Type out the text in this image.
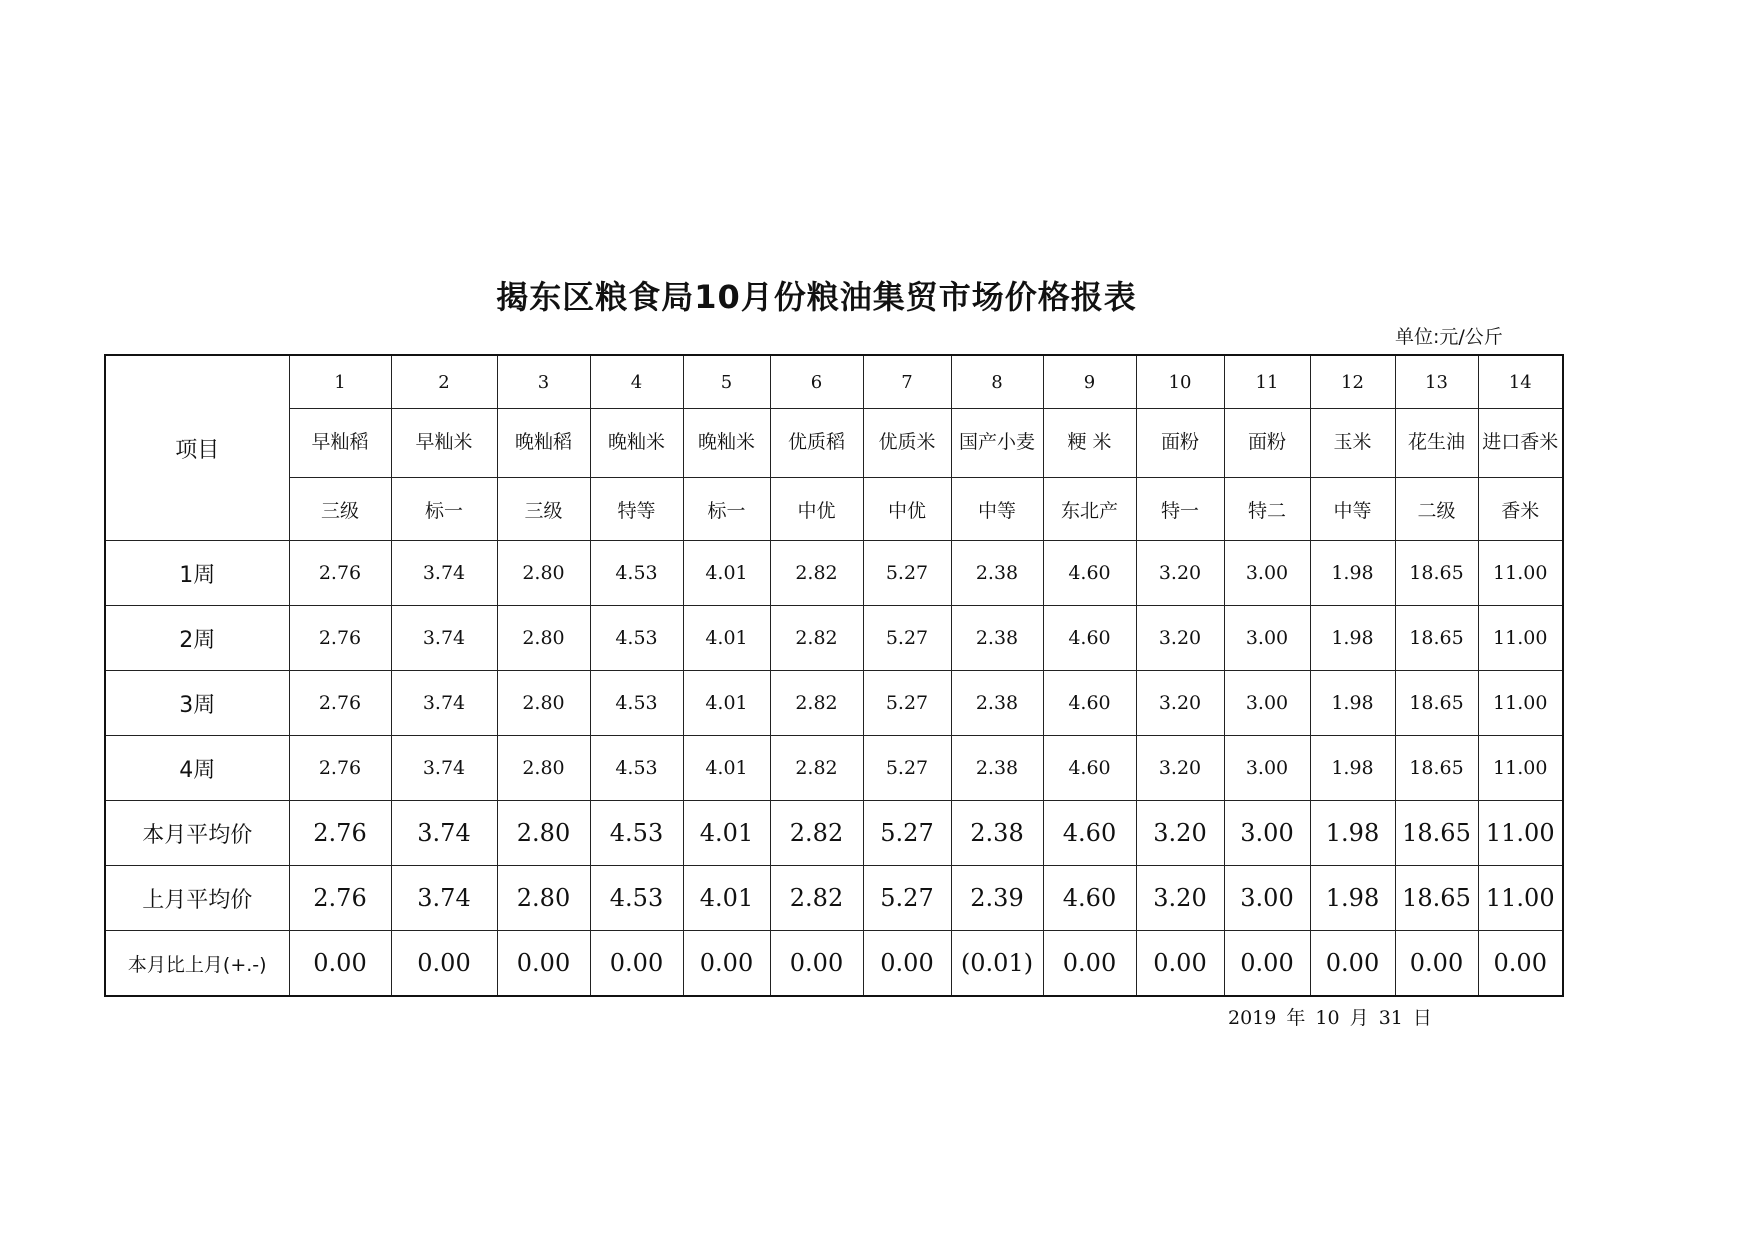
揭东区粮食局10月份粮油集贸市场价格报表
单位:元/公斤
项目	1	2	3	4	5	6	7	8	9	10	11	12	13	14
	早籼稻	早籼米	晚籼稻	晚籼米	晚籼米	优质稻	优质米	国产小麦	粳 米	面粉	面粉	玉米	花生油	进口香米
	三级	标一	三级	特等	标一	中优	中优	中等	东北产	特一	特二	中等	二级	香米
1周	2.76	3.74	2.80	4.53	4.01	2.82	5.27	2.38	4.60	3.20	3.00	1.98	18.65	11.00
2周	2.76	3.74	2.80	4.53	4.01	2.82	5.27	2.38	4.60	3.20	3.00	1.98	18.65	11.00
3周	2.76	3.74	2.80	4.53	4.01	2.82	5.27	2.38	4.60	3.20	3.00	1.98	18.65	11.00
4周	2.76	3.74	2.80	4.53	4.01	2.82	5.27	2.38	4.60	3.20	3.00	1.98	18.65	11.00
本月平均价	2.76	3.74	2.80	4.53	4.01	2.82	5.27	2.38	4.60	3.20	3.00	1.98	18.65	11.00
上月平均价	2.76	3.74	2.80	4.53	4.01	2.82	5.27	2.39	4.60	3.20	3.00	1.98	18.65	11.00
本月比上月(+.-)	0.00	0.00	0.00	0.00	0.00	0.00	0.00	(0.01)	0.00	0.00	0.00	0.00	0.00	0.00
2019 年 10 月 31 日
